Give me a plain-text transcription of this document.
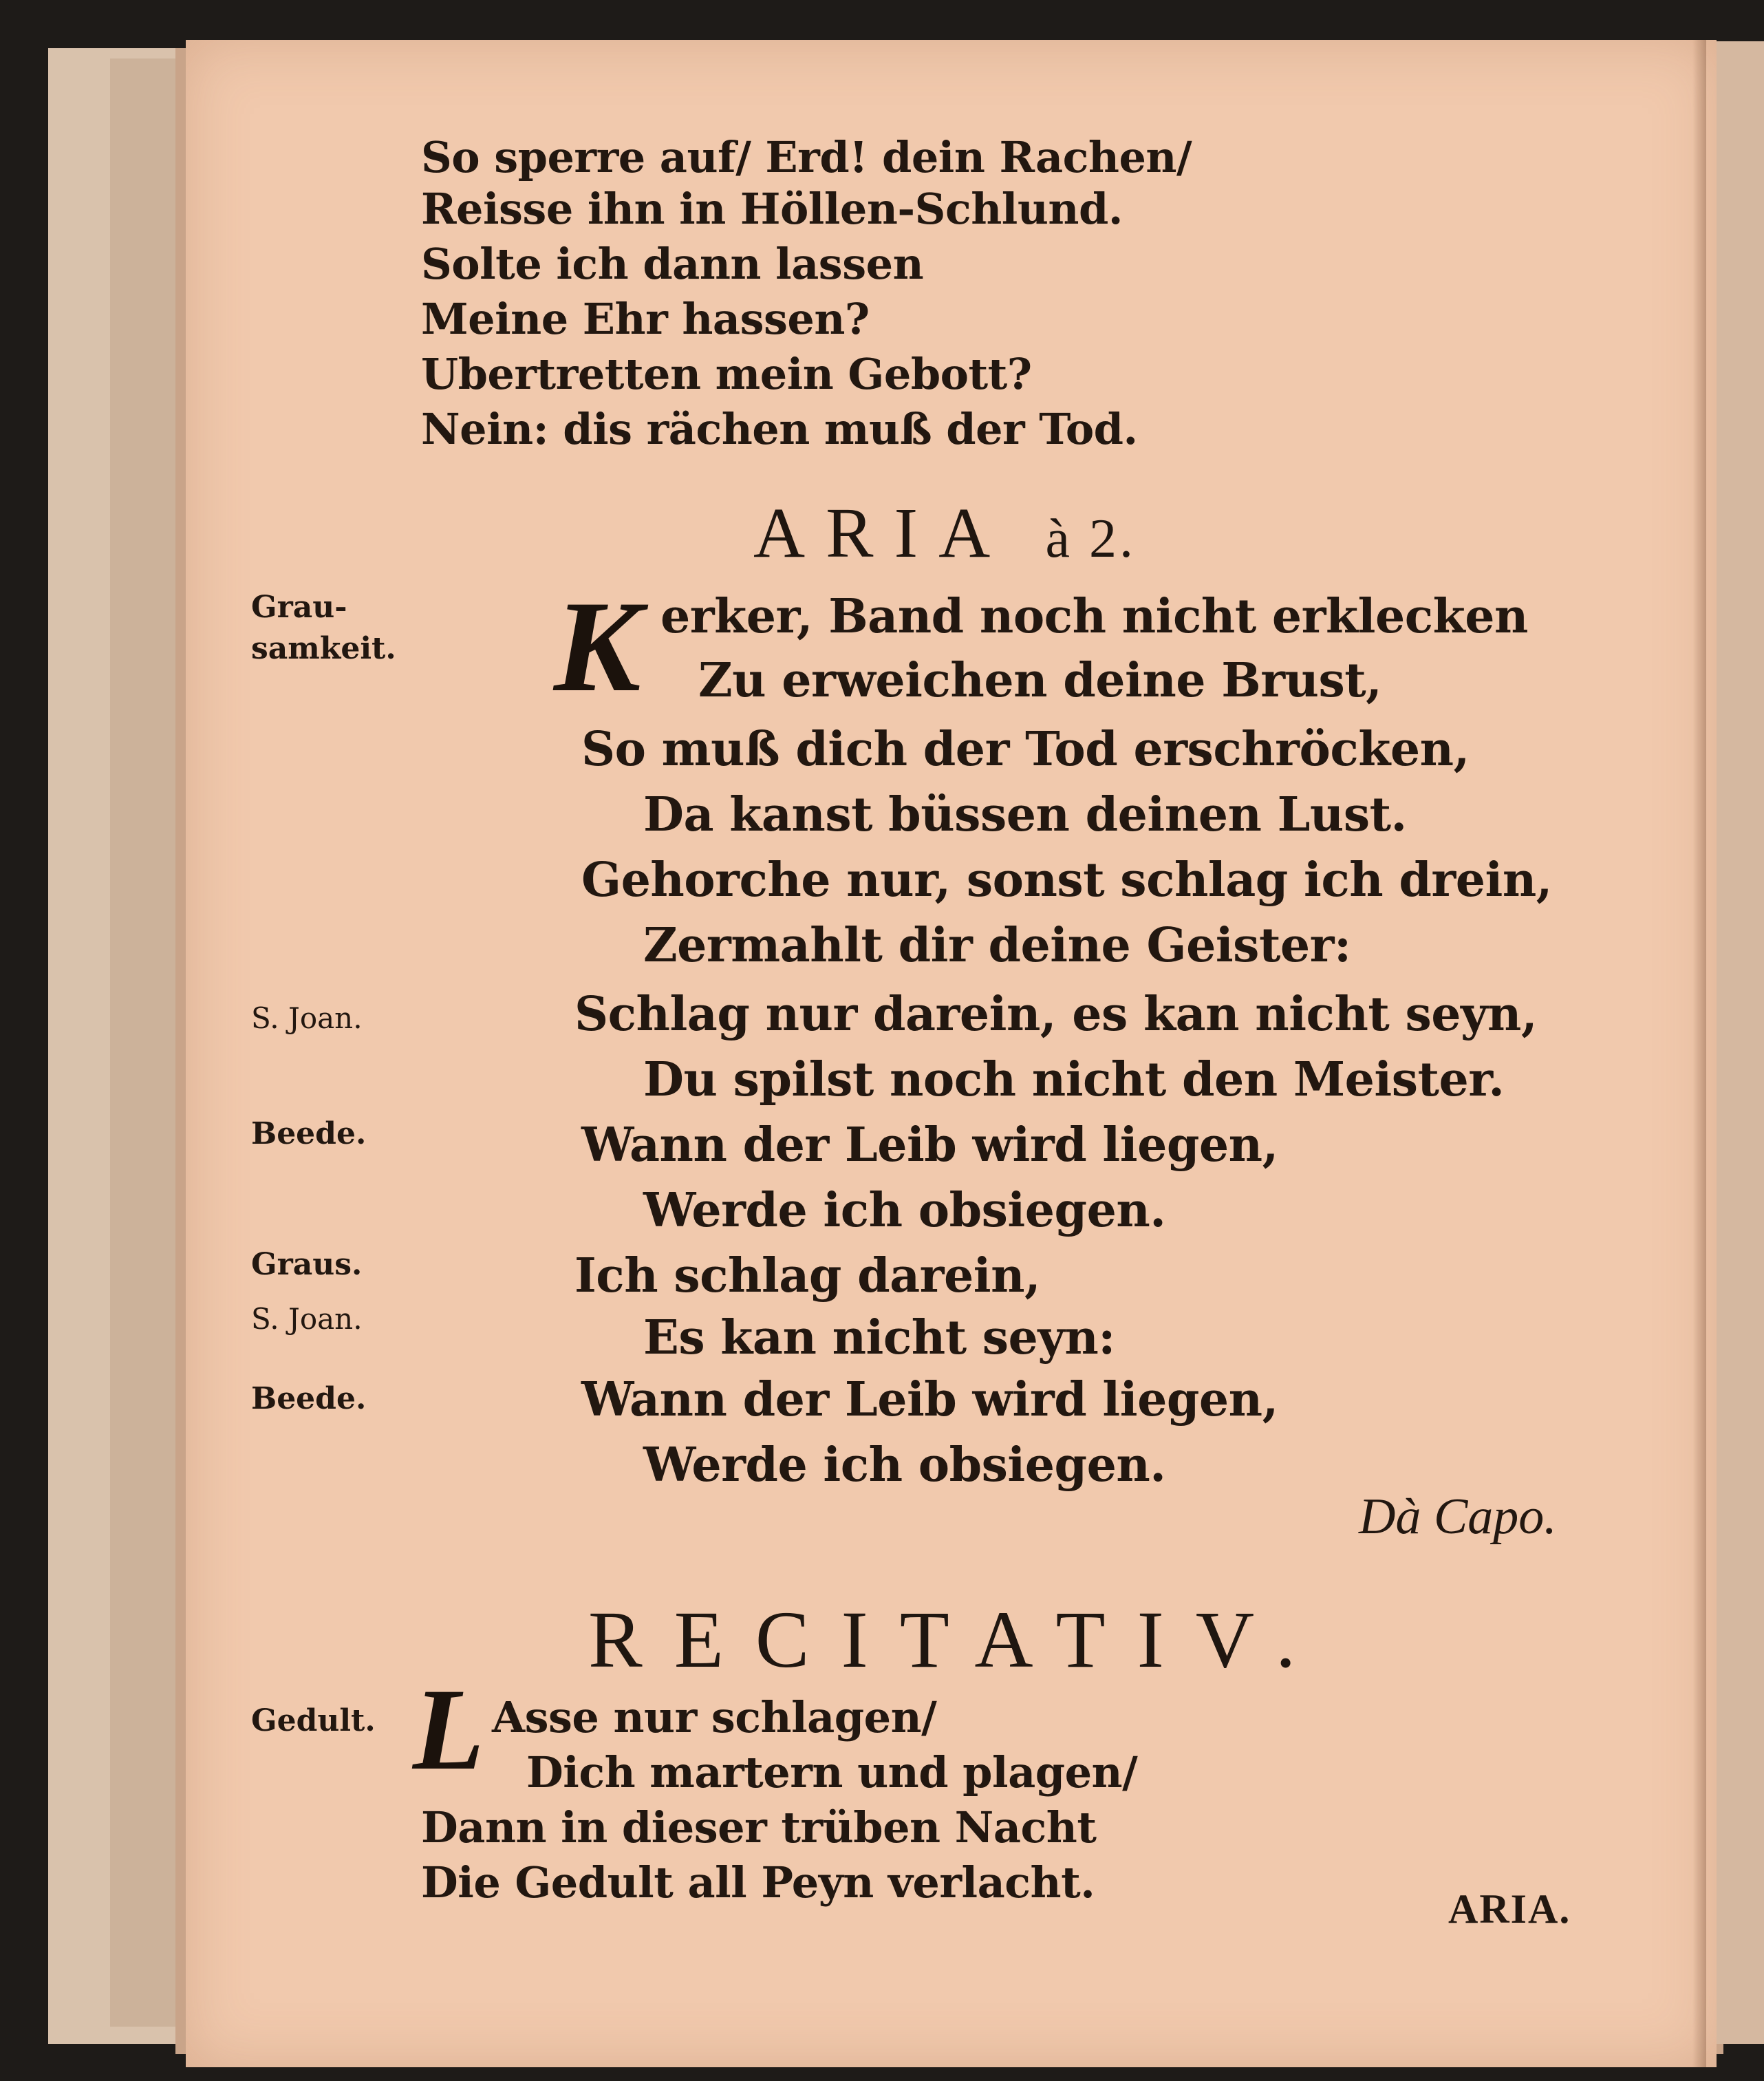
So sperre auf/ Erd! dein Rachen/
Reisse ihn in Höllen-Schlund.
Solte ich dann lassen
Meine Ehr hassen?
Ubertretten mein Gebott?
Nein: dis rächen muß der Tod.
ARIA à 2.
Grau-
samkeit.
S. Joan.
Beede.
Graus.
S. Joan.
Beede.
K erker, Band noch nicht erklecken
Zu erweichen deine Brust,
So muß dich der Tod erschröcken,
Da kanst büssen deinen Lust.
Gehorche nur, sonst schlag ich drein,
Zermahlt dir deine Geister:
Schlag nur darein, es kan nicht seyn,
Du spilst noch nicht den Meister.
Wann der Leib wird liegen,
Werde ich obsiegen.
Ich schlag darein,
Es kan nicht seyn:
Wann der Leib wird liegen,
Werde ich obsiegen.
Dà Capo.
RECITATIV.
Gedult. L Asse nur schlagen/
Dich martern und plagen/
Dann in dieser trüben Nacht
Die Gedult all Peyn verlacht.
ARIA.
